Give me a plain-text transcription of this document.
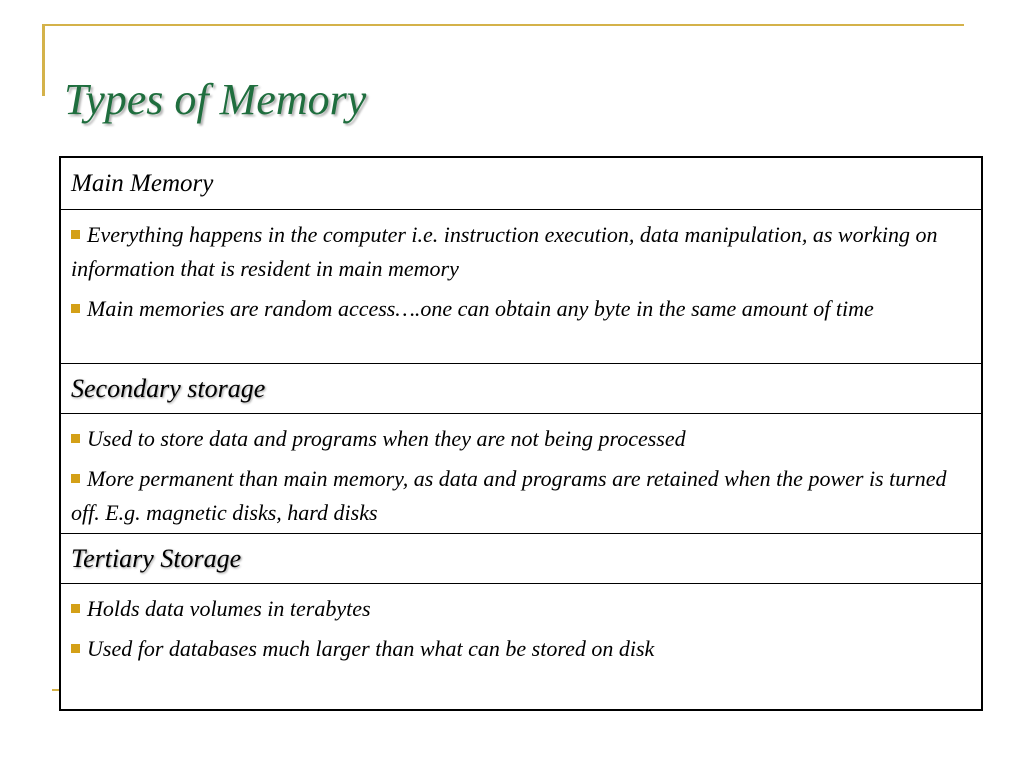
Types of Memory
Main Memory

Everything happens in the computer i.e. instruction execution, data manipulation, as working on information that is resident in main memory

Main memories are random access….one can obtain any byte in the same amount of time

Secondary storage

Used to store data and programs when they are not being processed

More permanent than main memory, as data and programs are retained when the power is turned off. E.g. magnetic disks, hard disks

Tertiary Storage

Holds data volumes in terabytes

Used for databases much larger than what can be stored on disk
